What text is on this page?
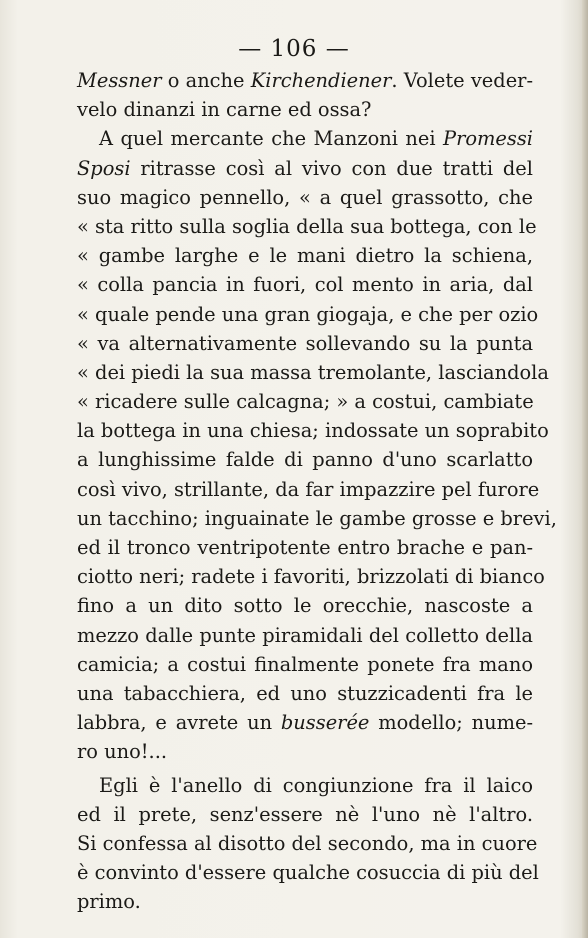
— 106 —
Messner o anche Kirchendiener. Volete veder-
velo dinanzi in carne ed ossa?
A quel mercante che Manzoni nei Promessi
Sposi ritrasse così al vivo con due tratti del
suo magico pennello, « a quel grassotto, che
« sta ritto sulla soglia della sua bottega, con le
« gambe larghe e le mani dietro la schiena,
« colla pancia in fuori, col mento in aria, dal
« quale pende una gran giogaja, e che per ozio
« va alternativamente sollevando su la punta
« dei piedi la sua massa tremolante, lasciandola
« ricadere sulle calcagna; » a costui, cambiate
la bottega in una chiesa; indossate un soprabito
a lunghissime falde di panno d'uno scarlatto
così vivo, strillante, da far impazzire pel furore
un tacchino; inguainate le gambe grosse e brevi,
ed il tronco ventripotente entro brache e pan-
ciotto neri; radete i favoriti, brizzolati di bianco
fino a un dito sotto le orecchie, nascoste a
mezzo dalle punte piramidali del colletto della
camicia; a costui finalmente ponete fra mano
una tabacchiera, ed uno stuzzicadenti fra le
labbra, e avrete un busserée modello; nume-
ro uno!...
Egli è l'anello di congiunzione fra il laico
ed il prete, senz'essere nè l'uno nè l'altro.
Si confessa al disotto del secondo, ma in cuore
è convinto d'essere qualche cosuccia di più del
primo.
